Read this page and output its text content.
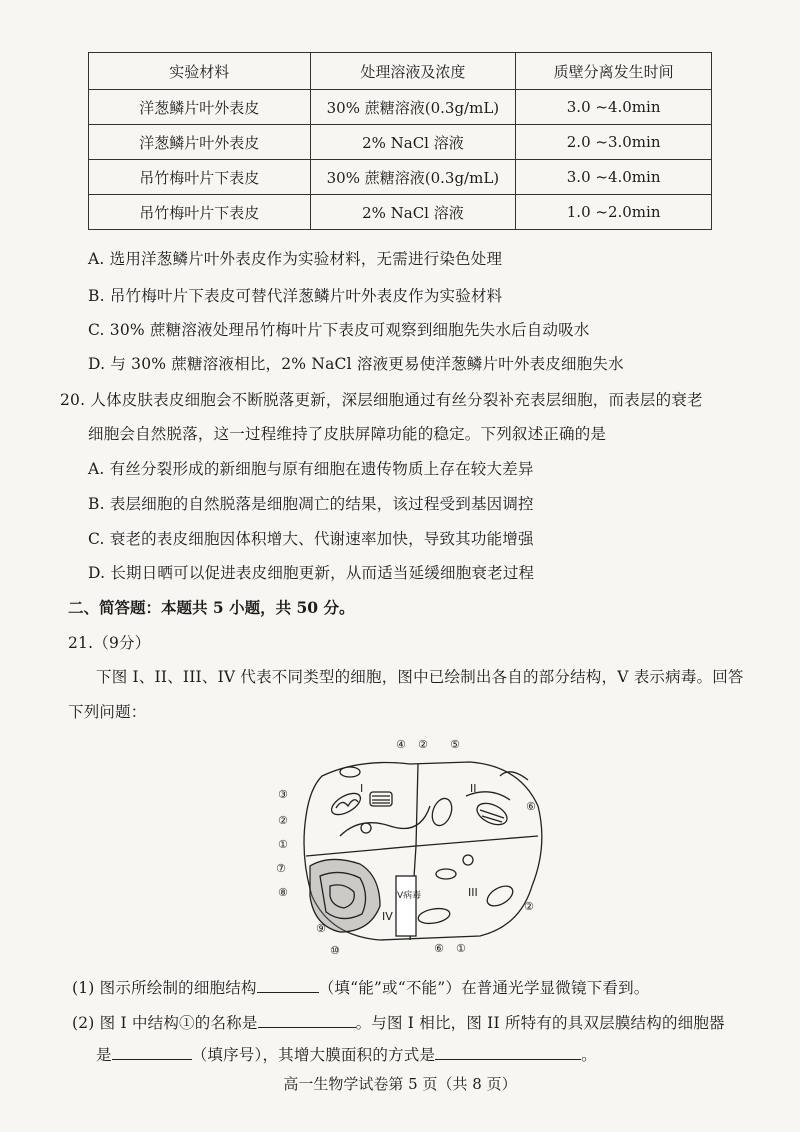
实验材料	处理溶液及浓度	质壁分离发生时间
洋葱鳞片叶外表皮	30% 蔗糖溶液(0.3g/mL)	3.0 ~4.0min
洋葱鳞片叶外表皮	2% NaCl 溶液	2.0 ~3.0min
吊竹梅叶片下表皮	30% 蔗糖溶液(0.3g/mL)	3.0 ~4.0min
吊竹梅叶片下表皮	2% NaCl 溶液	1.0 ~2.0min
A. 选用洋葱鳞片叶外表皮作为实验材料，无需进行染色处理
B. 吊竹梅叶片下表皮可替代洋葱鳞片叶外表皮作为实验材料
C. 30% 蔗糖溶液处理吊竹梅叶片下表皮可观察到细胞先失水后自动吸水
D. 与 30% 蔗糖溶液相比，2% NaCl 溶液更易使洋葱鳞片叶外表皮细胞失水
20. 人体皮肤表皮细胞会不断脱落更新，深层细胞通过有丝分裂补充表层细胞，而表层的衰老
细胞会自然脱落，这一过程维持了皮肤屏障功能的稳定。下列叙述正确的是
A. 有丝分裂形成的新细胞与原有细胞在遗传物质上存在较大差异
B. 表层细胞的自然脱落是细胞凋亡的结果，该过程受到基因调控
C. 衰老的表皮细胞因体积增大、代谢速率加快，导致其功能增强
D. 长期日晒可以促进表皮细胞更新，从而适当延缓细胞衰老过程
二、简答题：本题共 5 小题，共 50 分。
21.（9分）
下图 I、II、III、IV 代表不同类型的细胞，图中已绘制出各自的部分结构，V 表示病毒。回答
下列问题：
③
②
①
⑦
⑧
⑨
⑩
④ ② ⑤
⑥
②
⑥ ①
I	II
III
IV
V病毒
(1) 图示所绘制的细胞结构	（填“能”或“不能”）在普通光学显微镜下看到。
(2) 图 I 中结构①的名称是	。与图 I 相比，图 II 所特有的具双层膜结构的细胞器
是	（填序号），其增大膜面积的方式是	。
高一生物学试卷第 5 页（共 8 页）
